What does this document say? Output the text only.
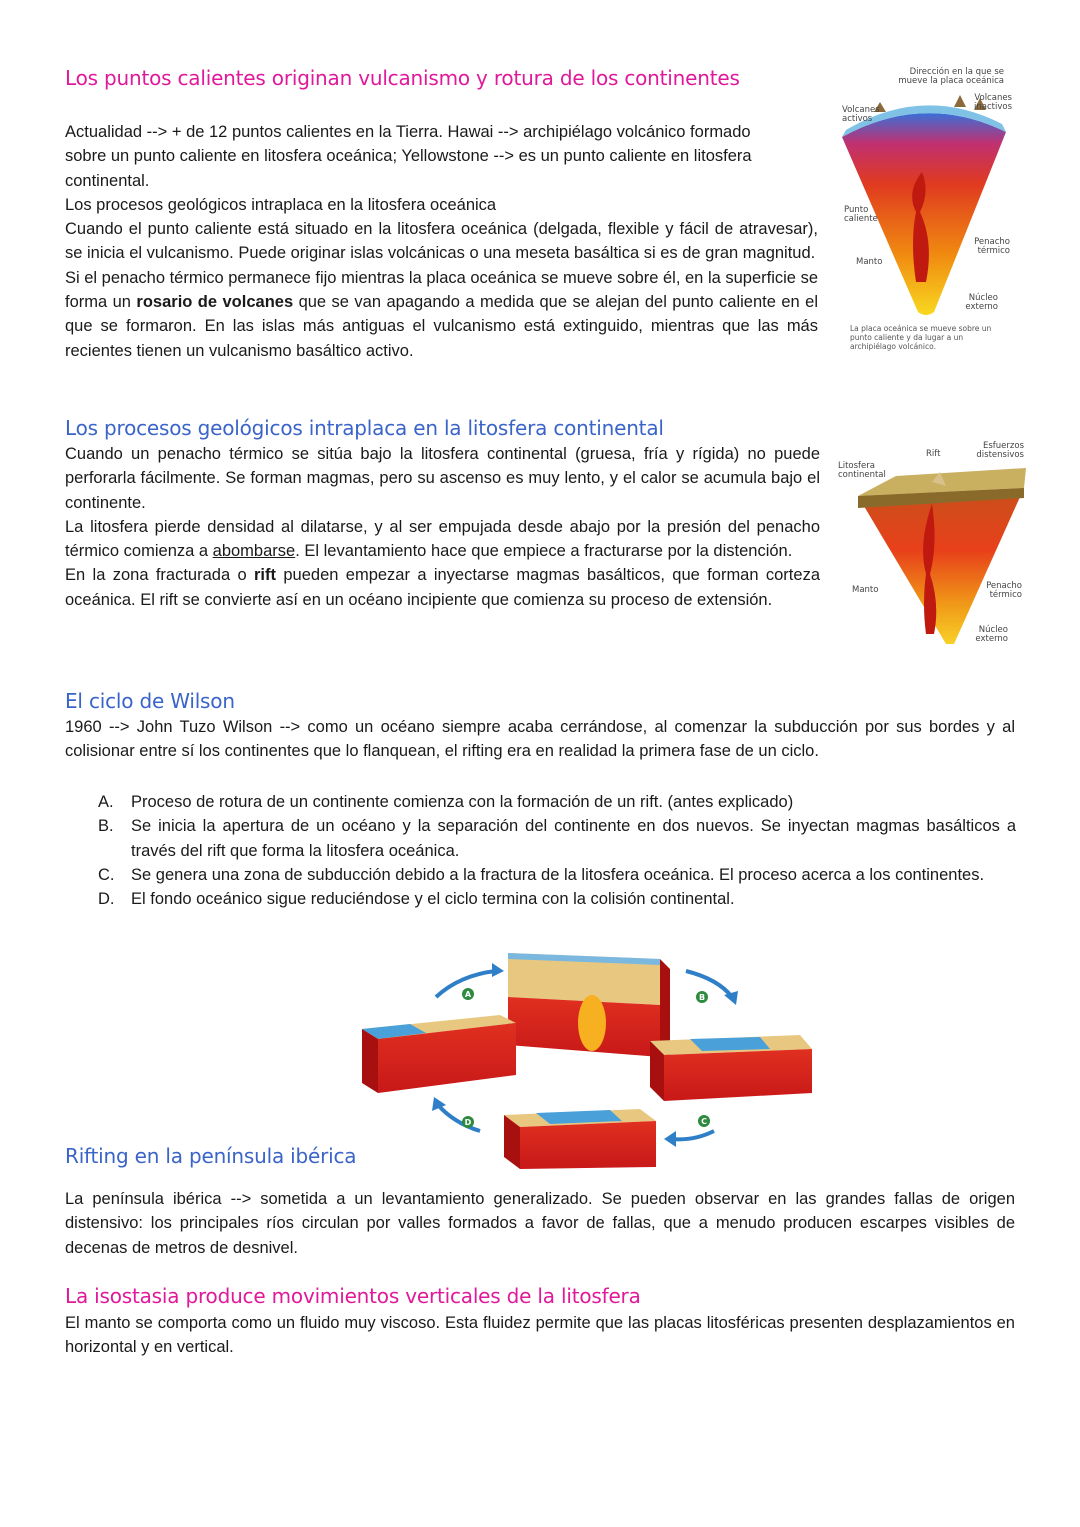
Los puntos calientes originan vulcanismo y rotura de los continentes
Actualidad --> + de 12 puntos calientes en la Tierra. Hawai --> archipiélago volcánico formado
sobre un punto caliente en litosfera oceánica; Yellowstone --> es un punto caliente en litosfera
continental.
Los procesos geológicos intraplaca en la litosfera oceánica
Cuando el punto caliente está situado en la litosfera oceánica (delgada, flexible y fácil de atravesar), se inicia el vulcanismo. Puede originar islas volcánicas o una meseta basáltica si es de gran magnitud.
Si el penacho térmico permanece fijo mientras la placa oceánica se mueve sobre él, en la superficie se forma un rosario de volcanes que se van apagando a medida que se alejan del punto caliente en el que se formaron. En las islas más antiguas el vulcanismo está extinguido, mientras que las más recientes tienen un vulcanismo basáltico activo.
Dirección en la que se mueve la placa oceánica
Volcanes activos
Volcanes inactivos
Punto caliente
Penacho térmico
Manto
Núcleo externo
La placa oceánica se mueve sobre un punto caliente y da lugar a un archipiélago volcánico.
Los procesos geológicos intraplaca en la litosfera continental
Cuando un penacho térmico se sitúa bajo la litosfera continental (gruesa, fría y rígida) no puede perforarla fácilmente. Se forman magmas, pero su ascenso es muy lento, y el calor se acumula bajo el continente.
La litosfera pierde densidad al dilatarse, y al ser empujada desde abajo por la presión del penacho térmico comienza a abombarse. El levantamiento hace que empiece a fracturarse por la distención.
En la zona fracturada o rift pueden empezar a inyectarse magmas basálticos, que forman corteza oceánica. El rift se convierte así en un océano incipiente que comienza su proceso de extensión.
Rift
Esfuerzos distensivos
Litosfera continental
Manto	Penacho térmico
Núcleo externo
El ciclo de Wilson
1960 --> John Tuzo Wilson --> como un océano siempre acaba cerrándose, al comenzar la subducción por sus bordes y al colisionar entre sí los continentes que lo flanquean, el rifting era en realidad la primera fase de un ciclo.
A. Proceso de rotura de un continente comienza con la formación de un rift. (antes explicado)
B. Se inicia la apertura de un océano y la separación del continente en dos nuevos. Se inyectan magmas basálticos a través del rift que forma la litosfera oceánica.
C. Se genera una zona de subducción debido a la fractura de la litosfera oceánica. El proceso acerca a los continentes.
D. El fondo oceánico sigue reduciéndose y el ciclo termina con la colisión continental.
A	B
C
D
Rifting en la península ibérica
La península ibérica --> sometida a un levantamiento generalizado. Se pueden observar en las grandes fallas de origen distensivo: los principales ríos circulan por valles formados a favor de fallas, que a menudo producen escarpes visibles de decenas de metros de desnivel.
La isostasia produce movimientos verticales de la litosfera
El manto se comporta como un fluido muy viscoso. Esta fluidez permite que las placas litosféricas presenten desplazamientos en horizontal y en vertical.
